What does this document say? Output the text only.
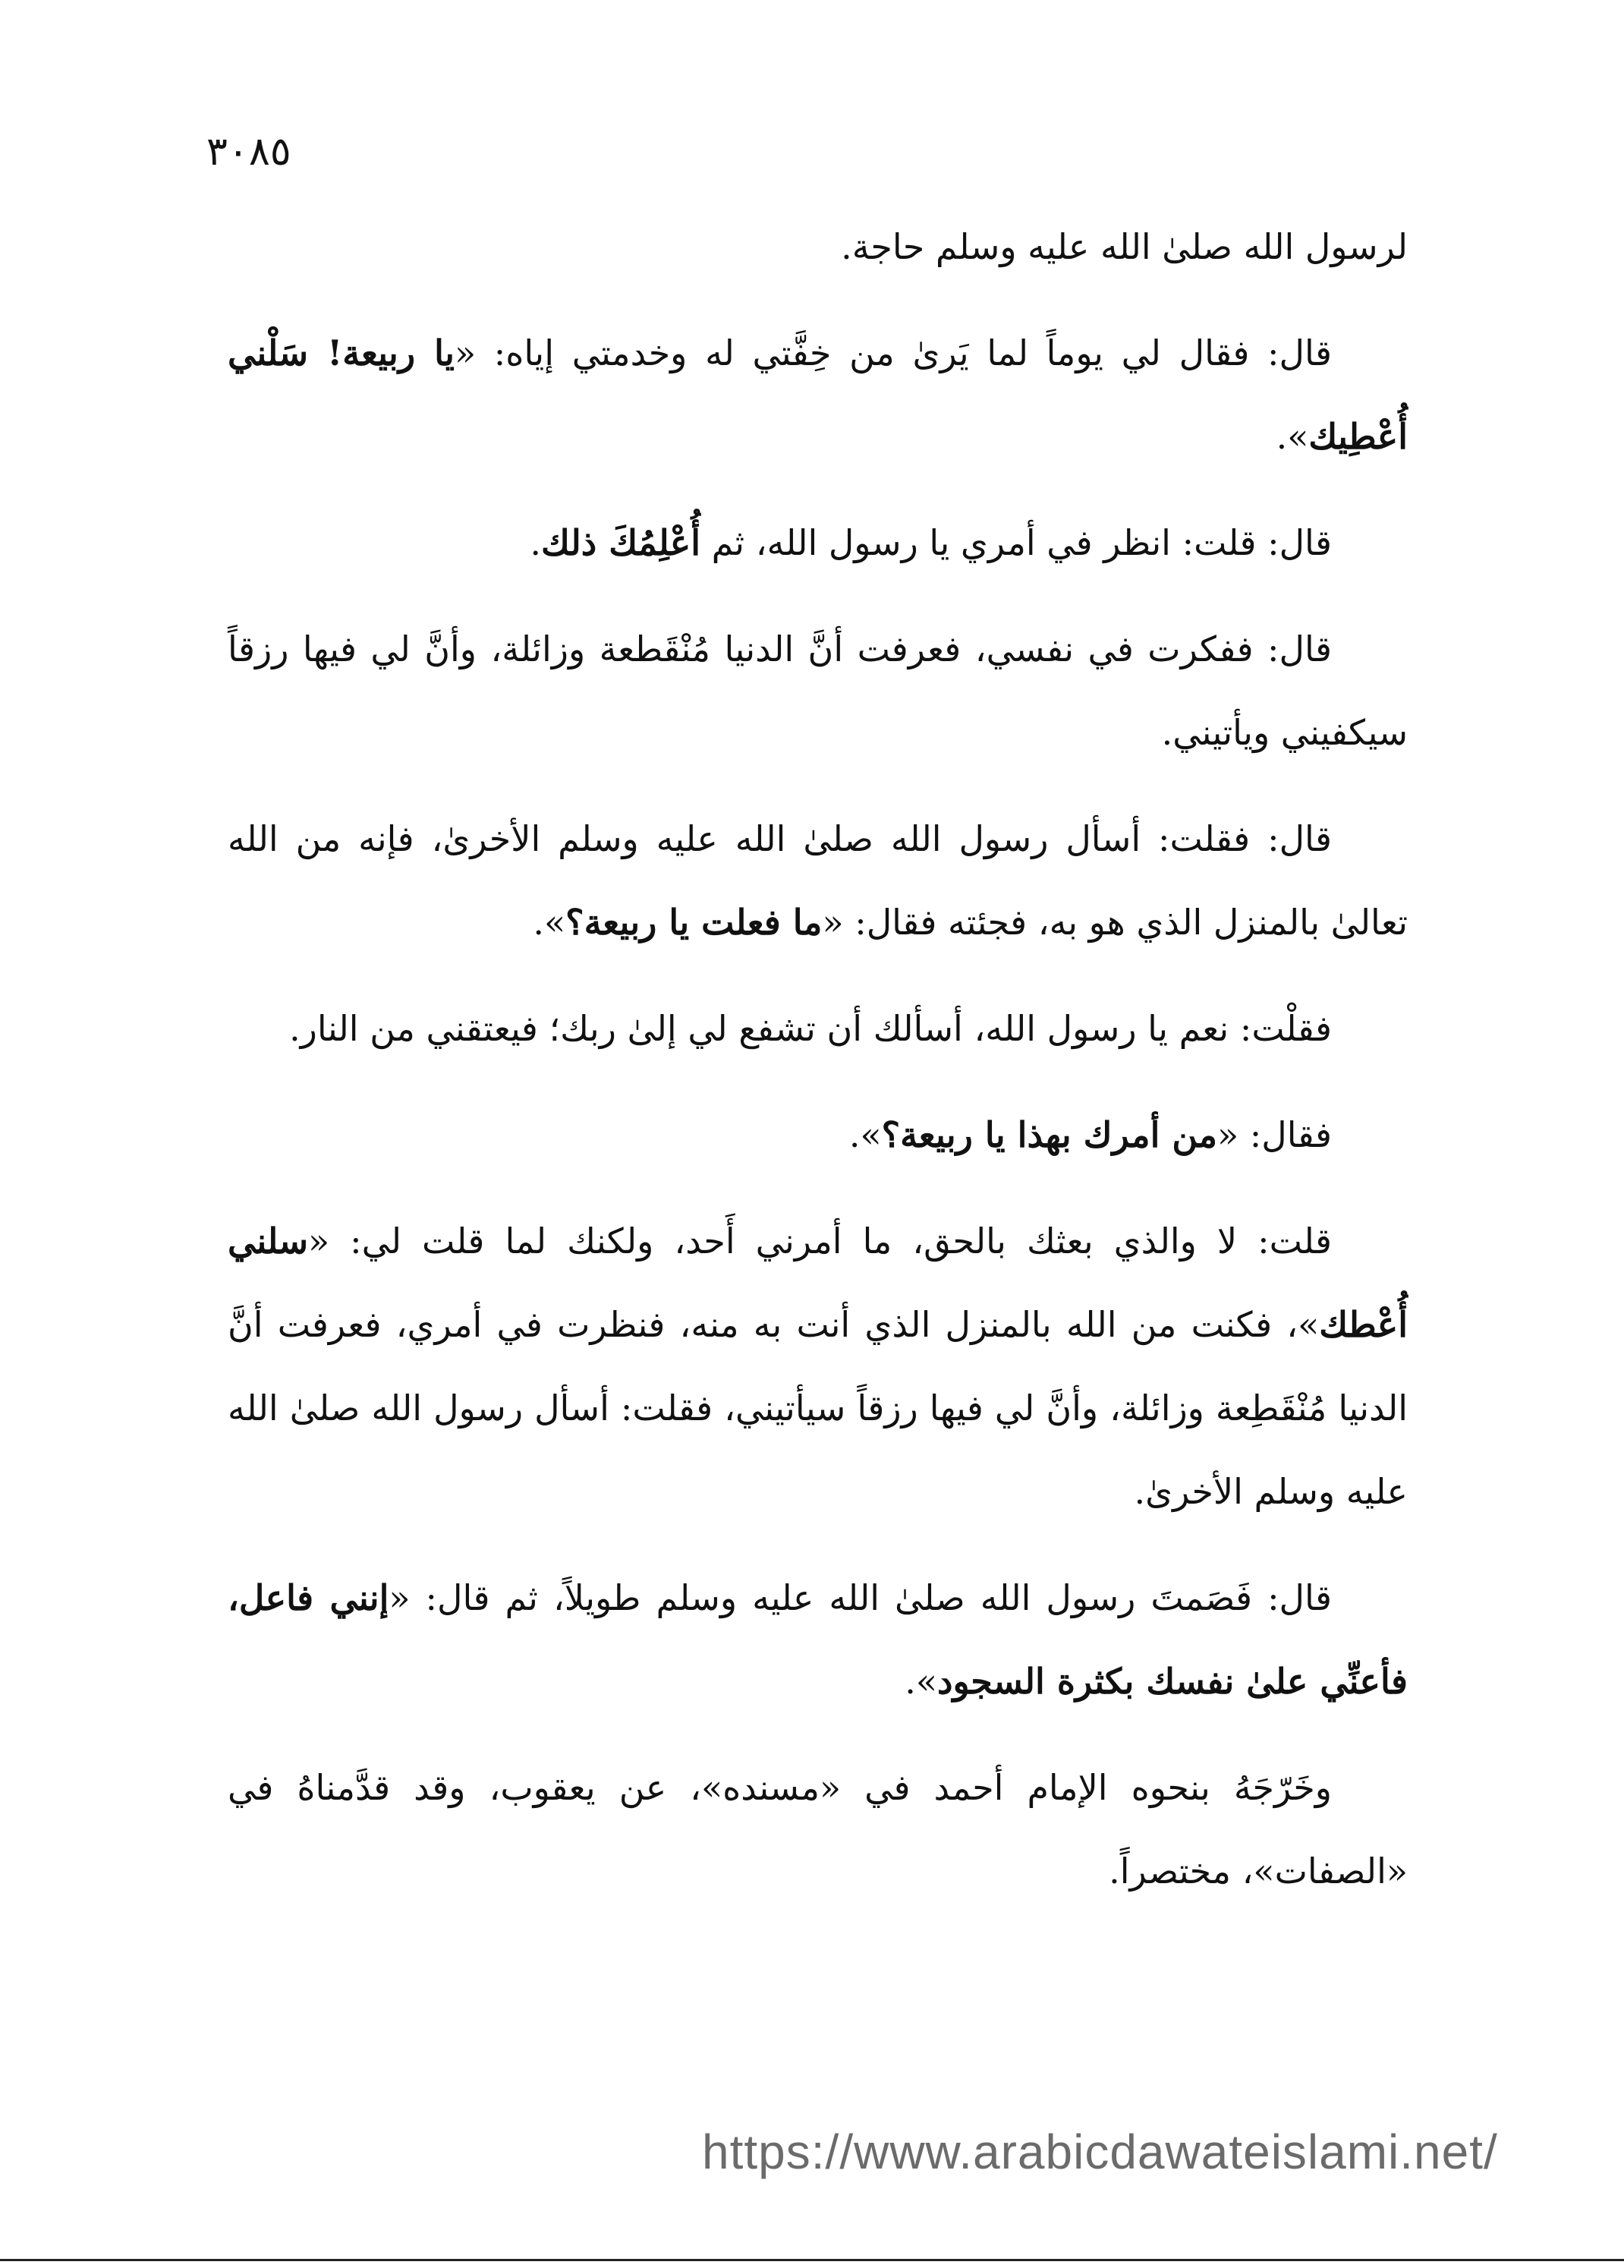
٣٠٨٥

لرسول الله صلىٰ الله عليه وسلم حاجة.

قال: فقال لي يوماً لما يَرىٰ من خِفَّتي له وخدمتي إياه: «يا ربيعة! سَلْني أُعْطِيك».

قال: قلت: انظر في أمري يا رسول الله، ثم أُعْلِمُكَ ذلك.

قال: ففكرت في نفسي، فعرفت أنَّ الدنيا مُنْقَطعة وزائلة، وأنَّ لي فيها رزقاً سيكفيني ويأتيني.

قال: فقلت: أسأل رسول الله صلىٰ الله عليه وسلم الأخرىٰ، فإنه من الله تعالىٰ بالمنزل الذي هو به، فجئته فقال: «ما فعلت يا ربيعة؟».

فقلْت: نعم يا رسول الله، أسألك أن تشفع لي إلىٰ ربك؛ فيعتقني من النار.

فقال: «من أمرك بهذا يا ربيعة؟».

قلت: لا والذي بعثك بالحق، ما أمرني أَحد، ولكنك لما قلت لي: «سلني أُعْطك»، فكنت من الله بالمنزل الذي أنت به منه، فنظرت في أمري، فعرفت أنَّ الدنيا مُنْقَطِعة وزائلة، وأنَّ لي فيها رزقاً سيأتيني، فقلت: أسأل رسول الله صلىٰ الله عليه وسلم الأخرىٰ.

قال: فَصَمتَ رسول الله صلىٰ الله عليه وسلم طويلاً، ثم قال: «إنني فاعل، فأعنِّي علىٰ نفسك بكثرة السجود».

وخَرّجَهُ بنحوه الإمام أحمد في «مسنده»، عن يعقوب، وقد قدَّمناهُ في «الصفات»، مختصراً.

https://www.arabicdawateislami.net/
